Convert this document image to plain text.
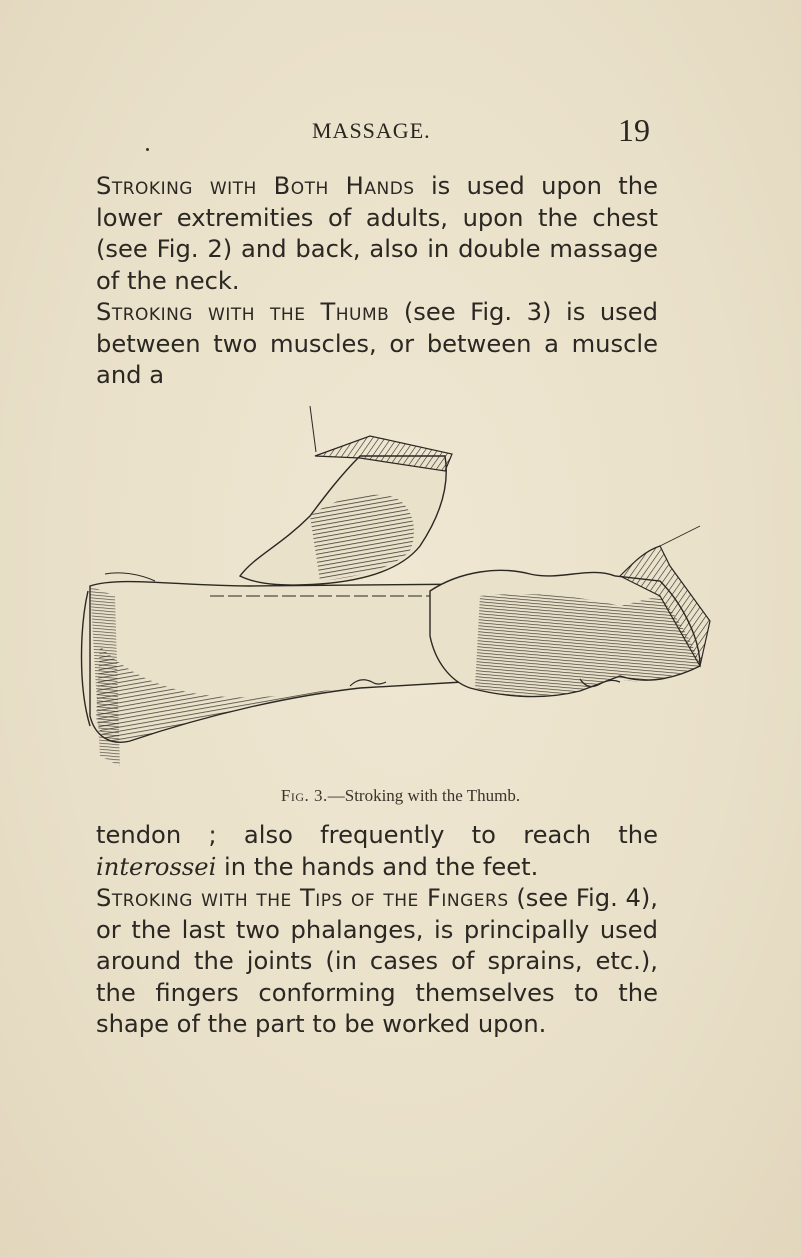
MASSAGE.	19

Stroking with Both Hands is used upon the lower extremities of adults, upon the chest (see Fig. 2) and back, also in double massage of the neck.

Stroking with the Thumb (see Fig. 3) is used between two muscles, or between a muscle and a

Fig. 3.—Stroking with the Thumb.

tendon ; also frequently to reach the interossei in the hands and the feet.

Stroking with the Tips of the Fingers (see Fig. 4), or the last two phalanges, is principally used around the joints (in cases of sprains, etc.), the fingers conforming themselves to the shape of the part to be worked upon.
